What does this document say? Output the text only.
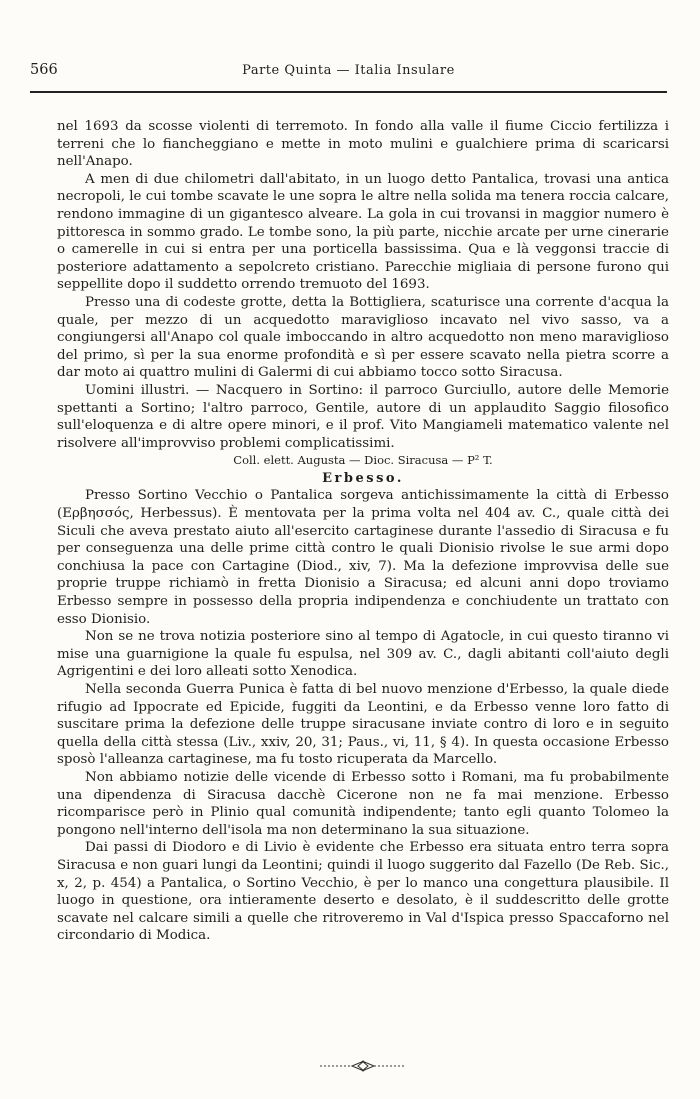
566	Parte Quinta — Italia Insulare

nel 1693 da scosse violenti di terremoto. In fondo alla valle il fiume Ciccio fertilizza i terreni che lo fiancheggiano e mette in moto mulini e gualchiere prima di scaricarsi nell'Anapo.

A men di due chilometri dall'abitato, in un luogo detto Pantalica, trovasi una antica necropoli, le cui tombe scavate le une sopra le altre nella solida ma tenera roccia calcare, rendono immagine di un gigantesco alveare. La gola in cui trovansi in maggior numero è pittoresca in sommo grado. Le tombe sono, la più parte, nicchie arcate per urne cinerarie o camerelle in cui si entra per una porticella bassissima. Qua e là veggonsi traccie di posteriore adattamento a sepolcreto cristiano. Parecchie migliaia di persone furono qui seppellite dopo il suddetto orrendo tremuoto del 1693.

Presso una di codeste grotte, detta la Bottigliera, scaturisce una corrente d'acqua la quale, per mezzo di un acquedotto maraviglioso incavato nel vivo sasso, va a congiungersi all'Anapo col quale imboccando in altro acquedotto non meno maraviglioso del primo, sì per la sua enorme profondità e sì per essere scavato nella pietra scorre a dar moto ai quattro mulini di Galermi di cui abbiamo tocco sotto Siracusa.

Uomini illustri. — Nacquero in Sortino: il parroco Gurciullo, autore delle Memorie spettanti a Sortino; l'altro parroco, Gentile, autore di un applaudito Saggio filosofico sull'eloquenza e di altre opere minori, e il prof. Vito Mangiameli matematico valente nel risolvere all'improvviso problemi complicatissimi.

Coll. elett. Augusta — Dioc. Siracusa — P² T.

Erbesso.

Presso Sortino Vecchio o Pantalica sorgeva antichissimamente la città di Erbesso (Ερβησσός, Herbessus). È mentovata per la prima volta nel 404 av. C., quale città dei Siculi che aveva prestato aiuto all'esercito cartaginese durante l'assedio di Siracusa e fu per conseguenza una delle prime città contro le quali Dionisio rivolse le sue armi dopo conchiusa la pace con Cartagine (Diod., xiv, 7). Ma la defezione improvvisa delle sue proprie truppe richiamò in fretta Dionisio a Siracusa; ed alcuni anni dopo troviamo Erbesso sempre in possesso della propria indipendenza e conchiudente un trattato con esso Dionisio.

Non se ne trova notizia posteriore sino al tempo di Agatocle, in cui questo tiranno vi mise una guarnigione la quale fu espulsa, nel 309 av. C., dagli abitanti coll'aiuto degli Agrigentini e dei loro alleati sotto Xenodica.

Nella seconda Guerra Punica è fatta di bel nuovo menzione d'Erbesso, la quale diede rifugio ad Ippocrate ed Epicide, fuggiti da Leontini, e da Erbesso venne loro fatto di suscitare prima la defezione delle truppe siracusane inviate contro di loro e in seguito quella della città stessa (Liv., xxiv, 20, 31; Paus., vi, 11, § 4). In questa occasione Erbesso sposò l'alleanza cartaginese, ma fu tosto ricuperata da Marcello.

Non abbiamo notizie delle vicende di Erbesso sotto i Romani, ma fu probabilmente una dipendenza di Siracusa dacchè Cicerone non ne fa mai menzione. Erbesso ricomparisce però in Plinio qual comunità indipendente; tanto egli quanto Tolomeo la pongono nell'interno dell'isola ma non determinano la sua situazione.

Dai passi di Diodoro e di Livio è evidente che Erbesso era situata entro terra sopra Siracusa e non guari lungi da Leontini; quindi il luogo suggerito dal Fazello (De Reb. Sic., x, 2, p. 454) a Pantalica, o Sortino Vecchio, è per lo manco una congettura plausibile. Il luogo in questione, ora intieramente deserto e desolato, è il suddescritto delle grotte scavate nel calcare simili a quelle che ritroveremo in Val d'Ispica presso Spaccaforno nel circondario di Modica.
